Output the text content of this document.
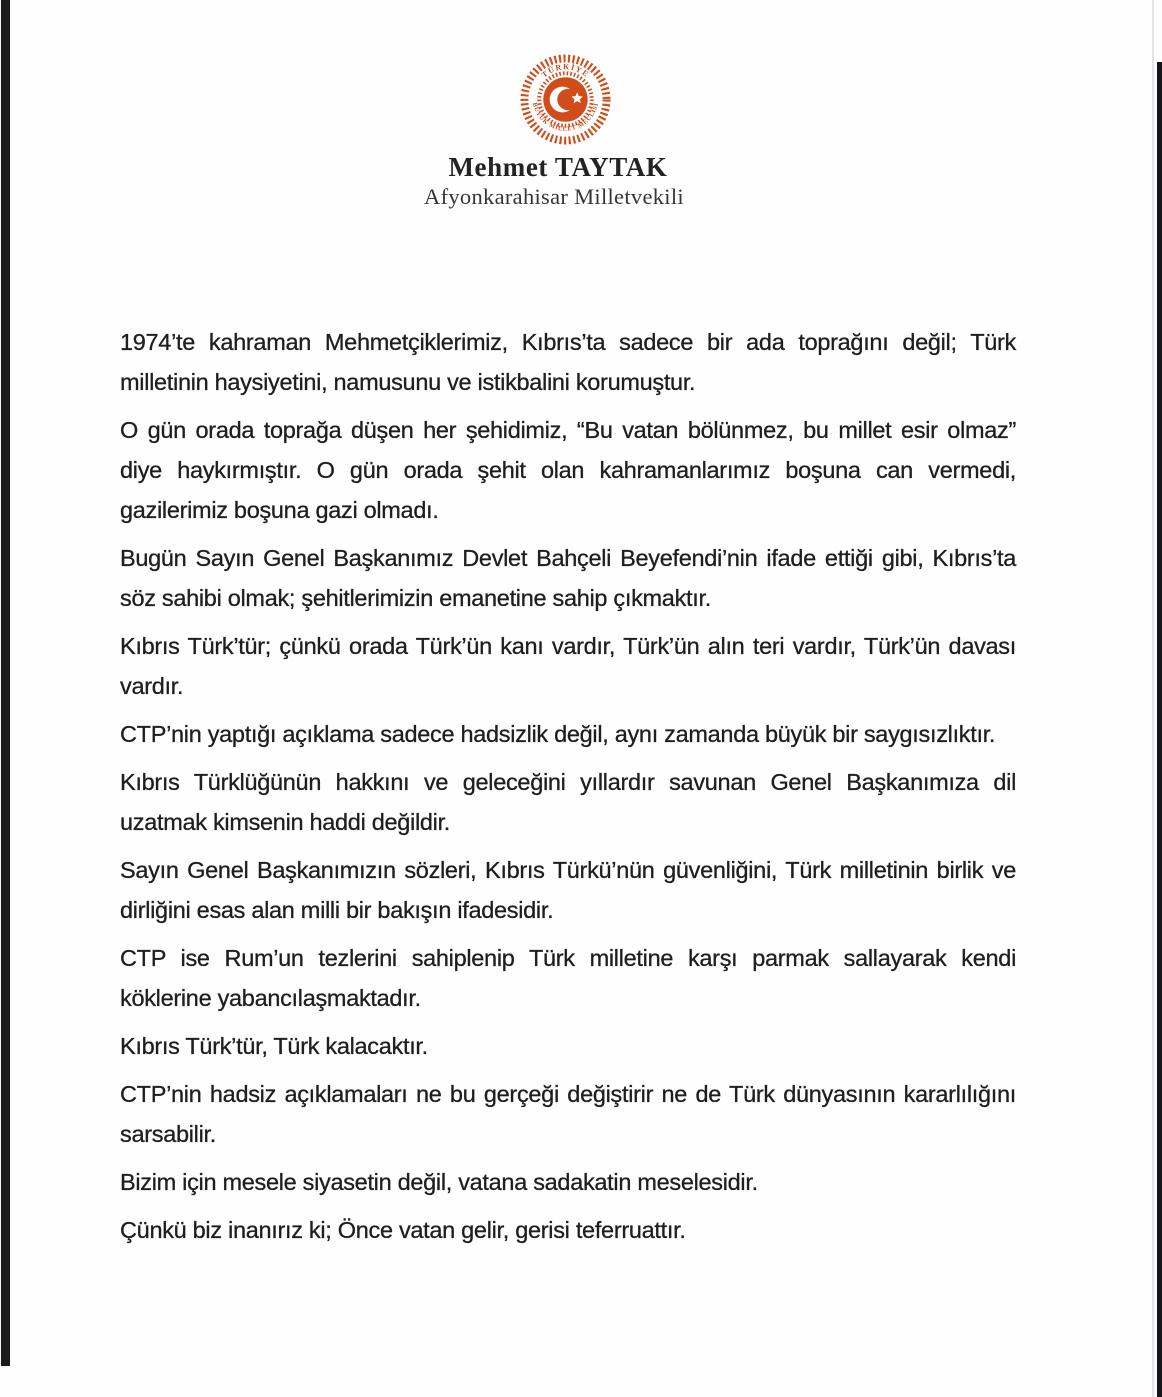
TÜRKİYE
BÜYÜK MİLLET MECLİSİ
Mehmet TAYTAK
Afyonkarahisar Milletvekili

1974’te kahraman Mehmetçiklerimiz, Kıbrıs’ta sadece bir ada toprağını değil; Türk milletinin haysiyetini, namusunu ve istikbalini korumuştur.

O gün orada toprağa düşen her şehidimiz, “Bu vatan bölünmez, bu millet esir olmaz” diye haykırmıştır. O gün orada şehit olan kahramanlarımız boşuna can vermedi, gazilerimiz boşuna gazi olmadı.

Bugün Sayın Genel Başkanımız Devlet Bahçeli Beyefendi’nin ifade ettiği gibi, Kıbrıs’ta söz sahibi olmak; şehitlerimizin emanetine sahip çıkmaktır.

Kıbrıs Türk’tür; çünkü orada Türk’ün kanı vardır, Türk’ün alın teri vardır, Türk’ün davası vardır.

CTP’nin yaptığı açıklama sadece hadsizlik değil, aynı zamanda büyük bir saygısızlıktır.

Kıbrıs Türklüğünün hakkını ve geleceğini yıllardır savunan Genel Başkanımıza dil uzatmak kimsenin haddi değildir.

Sayın Genel Başkanımızın sözleri, Kıbrıs Türkü’nün güvenliğini, Türk milletinin birlik ve dirliğini esas alan milli bir bakışın ifadesidir.

CTP ise Rum’un tezlerini sahiplenip Türk milletine karşı parmak sallayarak kendi köklerine yabancılaşmaktadır.

Kıbrıs Türk’tür, Türk kalacaktır.

CTP’nin hadsiz açıklamaları ne bu gerçeği değiştirir ne de Türk dünyasının kararlılığını sarsabilir.

Bizim için mesele siyasetin değil, vatana sadakatin meselesidir.

Çünkü biz inanırız ki; Önce vatan gelir, gerisi teferruattır.
